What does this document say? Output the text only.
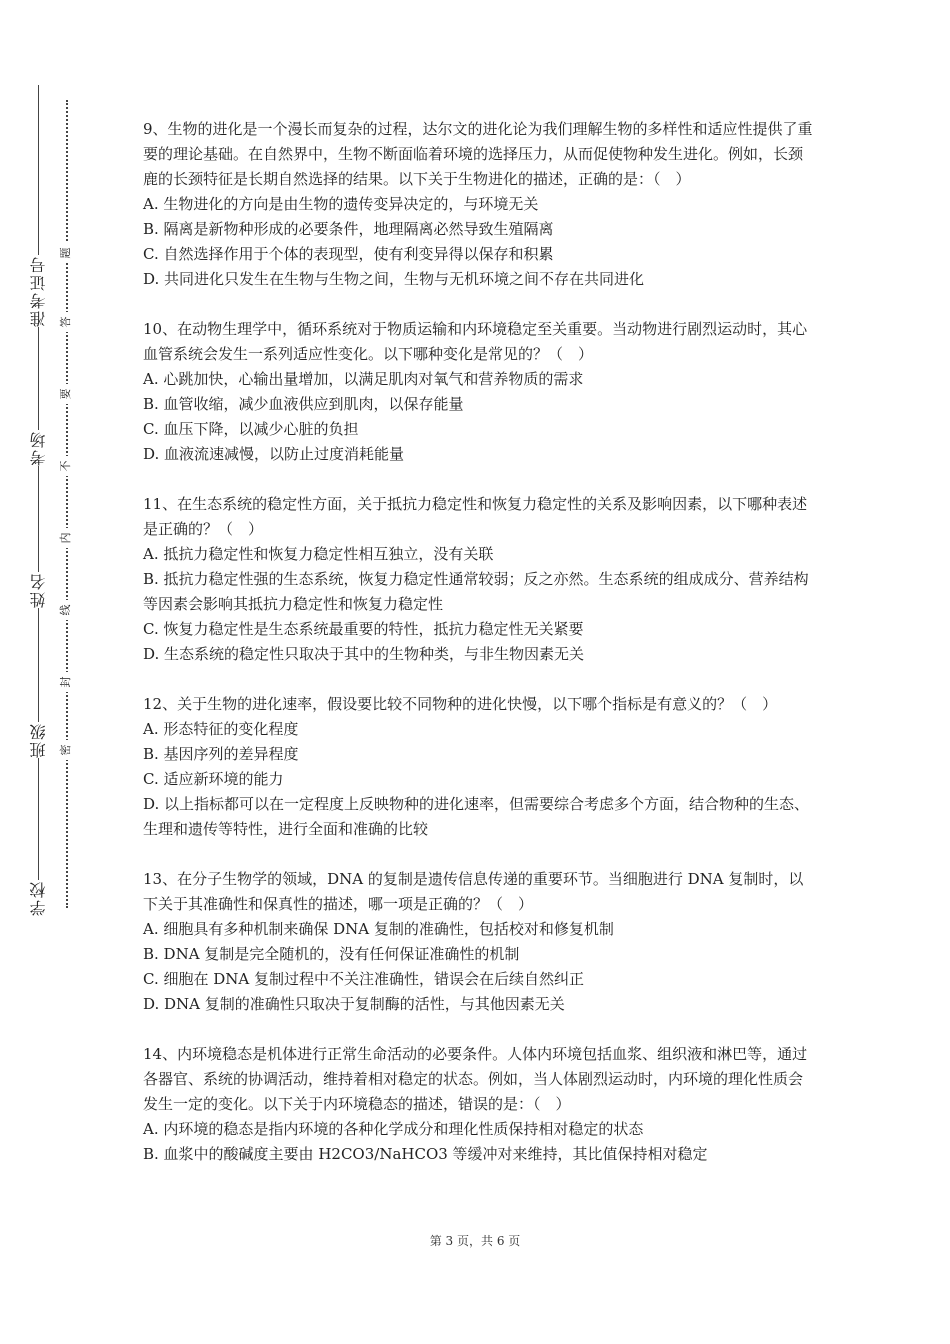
准考证号
考场
姓名
班级
学校
题
答
要
不
内
线
封
密

9、生物的进化是一个漫长而复杂的过程，达尔文的进化论为我们理解生物的多样性和适应性提供了重要的理论基础。在自然界中，生物不断面临着环境的选择压力，从而促使物种发生进化。例如，长颈鹿的长颈特征是长期自然选择的结果。以下关于生物进化的描述，正确的是：（　）

A. 生物进化的方向是由生物的遗传变异决定的，与环境无关

B. 隔离是新物种形成的必要条件，地理隔离必然导致生殖隔离

C. 自然选择作用于个体的表现型，使有利变异得以保存和积累

D. 共同进化只发生在生物与生物之间，生物与无机环境之间不存在共同进化

10、在动物生理学中，循环系统对于物质运输和内环境稳定至关重要。当动物进行剧烈运动时，其心血管系统会发生一系列适应性变化。以下哪种变化是常见的？（　）

A. 心跳加快，心输出量增加，以满足肌肉对氧气和营养物质的需求

B. 血管收缩，减少血液供应到肌肉，以保存能量

C. 血压下降，以减少心脏的负担

D. 血液流速减慢，以防止过度消耗能量

11、在生态系统的稳定性方面，关于抵抗力稳定性和恢复力稳定性的关系及影响因素，以下哪种表述是正确的？（　）

A. 抵抗力稳定性和恢复力稳定性相互独立，没有关联

B. 抵抗力稳定性强的生态系统，恢复力稳定性通常较弱；反之亦然。生态系统的组成成分、营养结构等因素会影响其抵抗力稳定性和恢复力稳定性

C. 恢复力稳定性是生态系统最重要的特性，抵抗力稳定性无关紧要

D. 生态系统的稳定性只取决于其中的生物种类，与非生物因素无关

12、关于生物的进化速率，假设要比较不同物种的进化快慢，以下哪个指标是有意义的？（　）

A. 形态特征的变化程度

B. 基因序列的差异程度

C. 适应新环境的能力

D. 以上指标都可以在一定程度上反映物种的进化速率，但需要综合考虑多个方面，结合物种的生态、生理和遗传等特性，进行全面和准确的比较

13、在分子生物学的领域，DNA 的复制是遗传信息传递的重要环节。当细胞进行 DNA 复制时，以下关于其准确性和保真性的描述，哪一项是正确的？（　）

A. 细胞具有多种机制来确保 DNA 复制的准确性，包括校对和修复机制

B. DNA 复制是完全随机的，没有任何保证准确性的机制

C. 细胞在 DNA 复制过程中不关注准确性，错误会在后续自然纠正

D. DNA 复制的准确性只取决于复制酶的活性，与其他因素无关

14、内环境稳态是机体进行正常生命活动的必要条件。人体内环境包括血浆、组织液和淋巴等，通过各器官、系统的协调活动，维持着相对稳定的状态。例如，当人体剧烈运动时，内环境的理化性质会发生一定的变化。以下关于内环境稳态的描述，错误的是：（　）

A. 内环境的稳态是指内环境的各种化学成分和理化性质保持相对稳定的状态

B. 血浆中的酸碱度主要由 H2CO3/NaHCO3 等缓冲对来维持，其比值保持相对稳定

第 3 页，共 6 页
